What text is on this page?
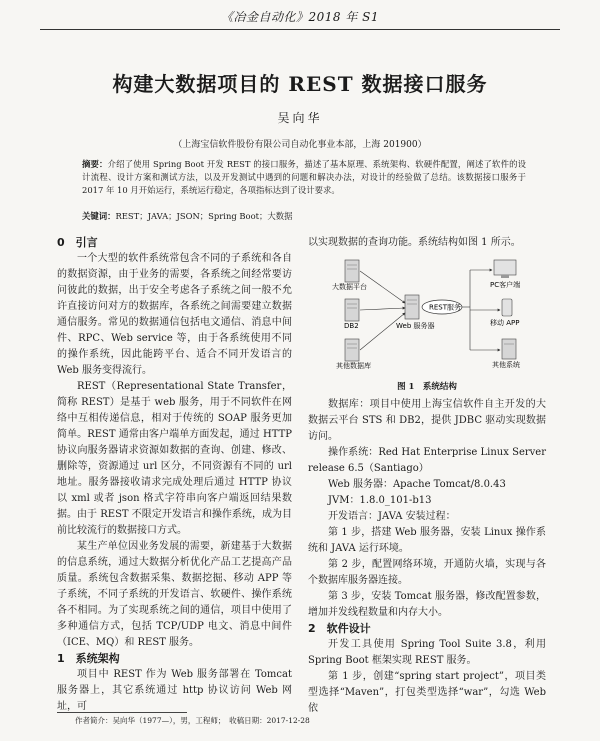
《冶金自动化》2018 年 S1
构建大数据项目的 REST 数据接口服务
吴向华
（上海宝信软件股份有限公司自动化事业本部，上海 201900）
摘要：介绍了使用 Spring Boot 开发 REST 的接口服务，描述了基本原理、系统架构、软硬件配置，阐述了软件的设计流程、设计方案和测试方法，以及开发测试中遇到的问题和解决办法，对设计的经验做了总结。该数据接口服务于 2017 年 10 月开始运行，系统运行稳定，各项指标达到了设计要求。
关键词：REST；JAVA；JSON；Spring Boot；大数据

0　引言

一个大型的软件系统常包含不同的子系统和各自的数据资源，由于业务的需要，各系统之间经常要访问彼此的数据，出于安全考虑各子系统之间一般不允许直接访问对方的数据库，各系统之间需要建立数据通信服务。常见的数据通信包括电文通信、消息中间件、RPC、Web service 等，由于各系统使用不同的操作系统，因此能跨平台、适合不同开发语言的 Web 服务变得流行。

REST（Representational State Transfer，简称 REST）是基于 web 服务，用于不同软件在网络中互相传递信息，相对于传统的 SOAP 服务更加简单。REST 通常由客户端单方面发起，通过 HTTP 协议向服务器请求资源如数据的查询、创建、修改、删除等，资源通过 url 区分，不同资源有不同的 url 地址。服务器接收请求完成处理后通过 HTTP 协议以 xml 或者 json 格式字符串向客户端返回结果数据。由于 REST 不限定开发语言和操作系统，成为目前比较流行的数据接口方式。

某生产单位因业务发展的需要，新建基于大数据的信息系统，通过大数据分析优化产品工艺提高产品质量。系统包含数据采集、数据挖掘、移动 APP 等子系统，不同子系统的开发语言、软硬件、操作系统各不相同。为了实现系统之间的通信，项目中使用了多种通信方式，包括 TCP/UDP 电文、消息中间件（ICE、MQ）和 REST 服务。

1　系统架构

项目中 REST 作为 Web 服务部署在 Tomcat 服务器上，其它系统通过 http 协议访问 Web 网址，可

以实现数据的查询功能。系统结构如图 1 所示。

大数据平台
DB2
其他数据库
REST服务
Web 服务器
PC客户端
移动 APP
其他系统
图 1　系统结构

数据库：项目中使用上海宝信软件自主开发的大数据云平台 STS 和 DB2，提供 JDBC 驱动实现数据访问。

操作系统：Red Hat Enterprise Linux Server release 6.5（Santiago）

Web 服务器：Apache Tomcat/8.0.43

JVM：1.8.0_101-b13

开发语言：JAVA 安装过程：

第 1 步，搭建 Web 服务器，安装 Linux 操作系统和 JAVA 运行环境。

第 2 步，配置网络环境，开通防火墙，实现与各个数据库服务器连接。

第 3 步，安装 Tomcat 服务器，修改配置参数，增加并发线程数量和内存大小。

2　软件设计

开发工具使用 Spring Tool Suite 3.8，利用 Spring Boot 框架实现 REST 服务。

第 1 步，创建“spring start project”，项目类型选择“Maven”，打包类型选择“war”，勾选 Web 依

作者简介：吴向华（1977—），男，工程师；　收稿日期：2017-12-28
